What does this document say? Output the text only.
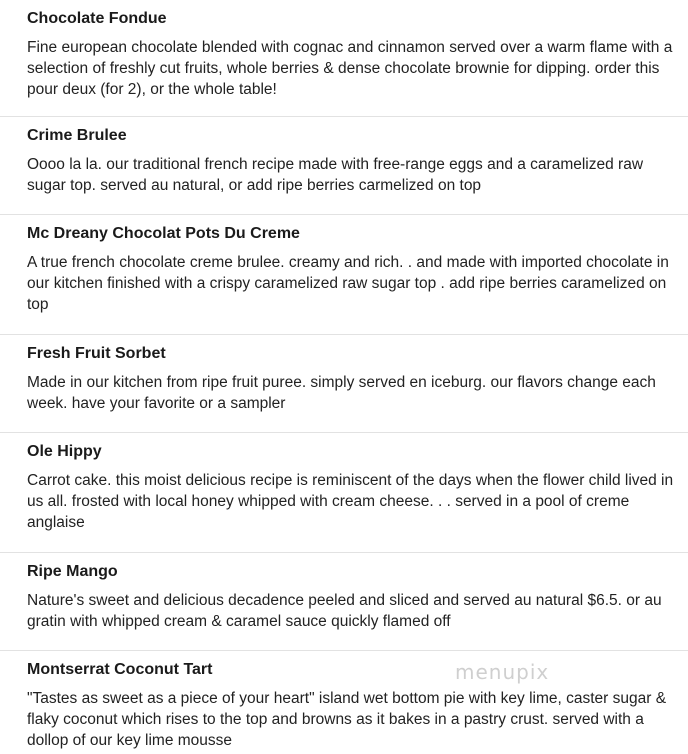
Chocolate Fondue

Fine european chocolate blended with cognac and cinnamon served over a warm flame with a selection of freshly cut fruits, whole berries & dense chocolate brownie for dipping. order this pour deux (for 2), or the whole table!

Crime Brulee

Oooo la la. our traditional french recipe made with free-range eggs and a caramelized raw sugar top. served au natural, or add ripe berries carmelized on top

Mc Dreany Chocolat Pots Du Creme

A true french chocolate creme brulee. creamy and rich. . and made with imported chocolate in our kitchen finished with a crispy caramelized raw sugar top . add ripe berries caramelized on top

Fresh Fruit Sorbet

Made in our kitchen from ripe fruit puree. simply served en iceburg. our flavors change each week. have your favorite or a sampler

Ole Hippy

Carrot cake. this moist delicious recipe is reminiscent of the days when the flower child lived in us all. frosted with local honey whipped with cream cheese. . . served in a pool of creme anglaise

Ripe Mango

Nature's sweet and delicious decadence peeled and sliced and served au natural $6.5. or au gratin with whipped cream & caramel sauce quickly flamed off

Montserrat Coconut Tart

"Tastes as sweet as a piece of your heart" island wet bottom pie with key lime, caster sugar & flaky coconut which rises to the top and browns as it bakes in a pastry crust. served with a dollop of our key lime mousse

menupix
